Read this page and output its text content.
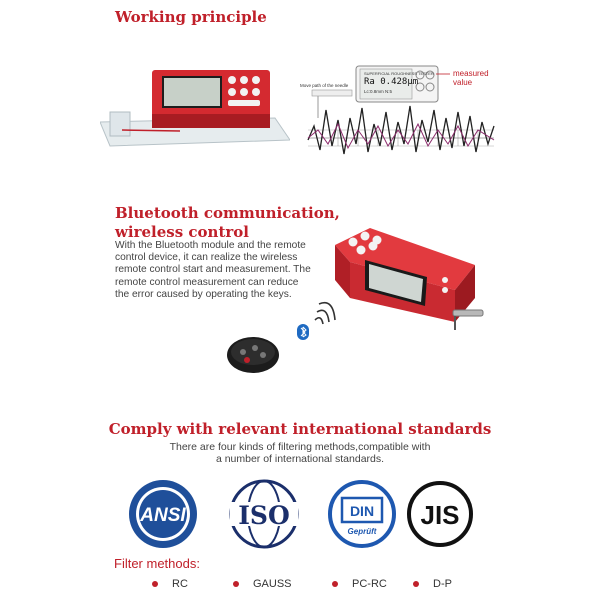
Working principle
SUPERFICIAL ROUGHNESS TESTER
Ra 0.428μm
Lc:0.8mm N:5
Move path of the needle
measured
value
Bluetooth communication,
wireless control
With the Bluetooth module and the remote control device, it can realize the wireless remote control start and measurement. The remote control measurement can reduce the error caused by operating the keys.
Comply with relevant international standards
There are four kinds of filtering methods,compatible with
a number of international standards.
ANSI ISO	DIN
Geprüft
JIS
Filter methods:
RC	GAUSS	PC-RC	D-P
